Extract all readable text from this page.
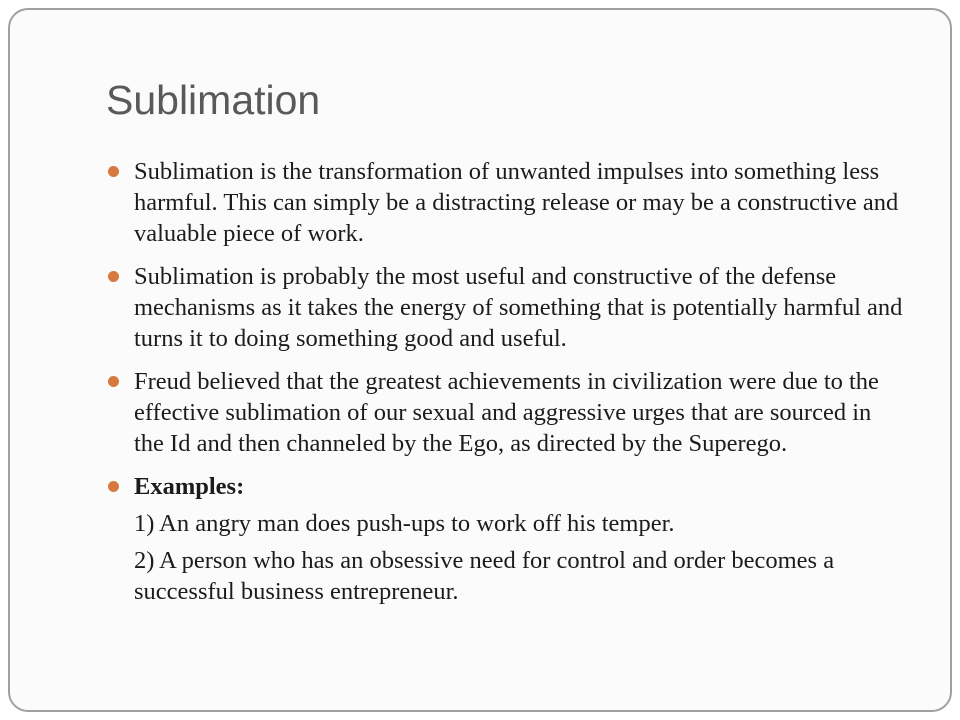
Sublimation
Sublimation is the transformation of unwanted impulses into something less harmful. This can simply be a distracting release or may be a constructive and valuable piece of work.
Sublimation is probably the most useful and constructive of the defense mechanisms as it takes the energy of something that is potentially harmful and turns it to doing something good and useful.
Freud believed that the greatest achievements in civilization were due to the effective sublimation of our sexual and aggressive urges that are sourced in the Id and then channeled by the Ego, as directed by the Superego.
Examples:
1) An angry man does push-ups to work off his temper.
2) A person who has an obsessive need for control and order becomes a successful business entrepreneur.
